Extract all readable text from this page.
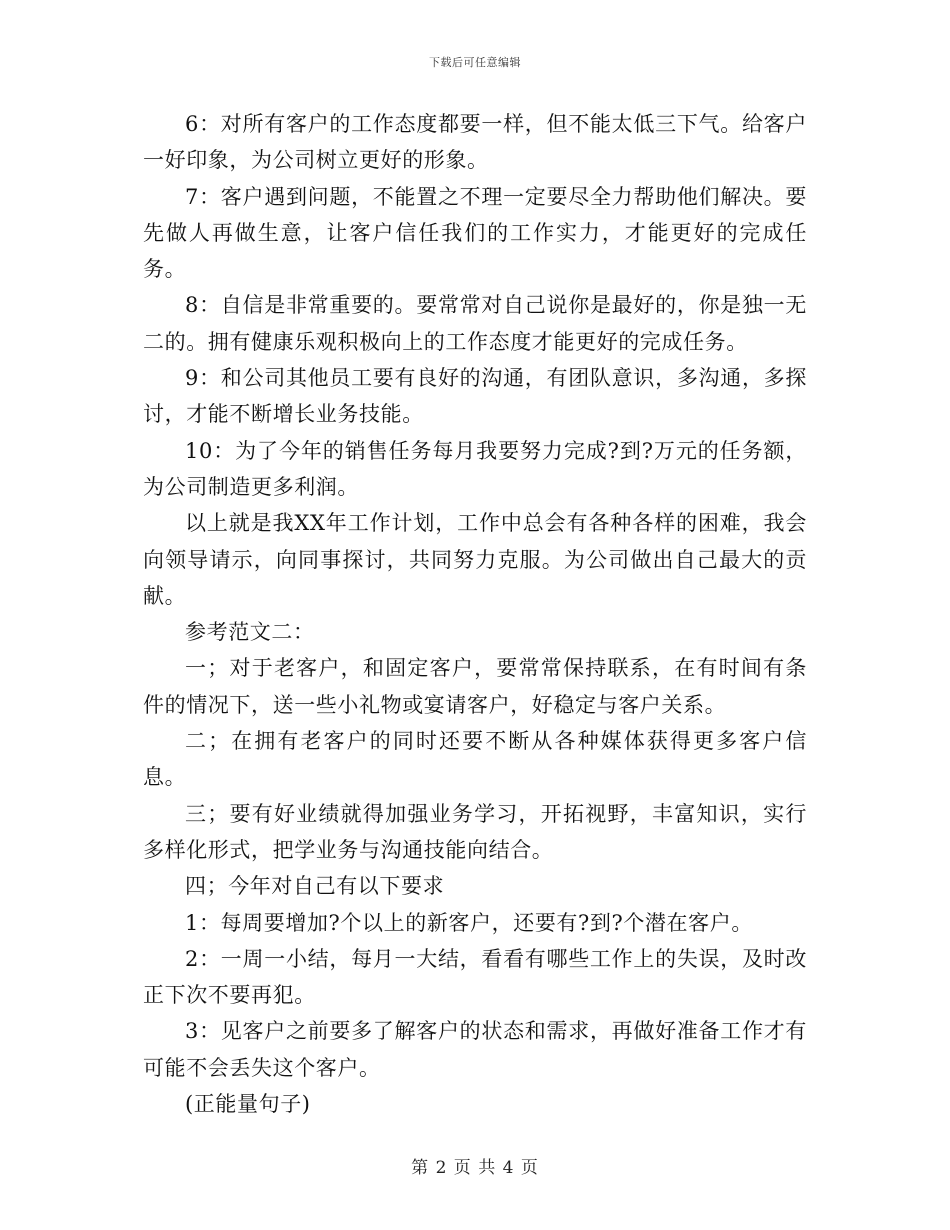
下载后可任意编辑

6：对所有客户的工作态度都要一样，但不能太低三下气。给客户一好印象，为公司树立更好的形象。

7：客户遇到问题，不能置之不理一定要尽全力帮助他们解决。要先做人再做生意，让客户信任我们的工作实力，才能更好的完成任务。

8：自信是非常重要的。要常常对自己说你是最好的，你是独一无二的。拥有健康乐观积极向上的工作态度才能更好的完成任务。

9：和公司其他员工要有良好的沟通，有团队意识，多沟通，多探讨，才能不断增长业务技能。

10：为了今年的销售任务每月我要努力完成?到?万元的任务额，为公司制造更多利润。

以上就是我XX年工作计划，工作中总会有各种各样的困难，我会向领导请示，向同事探讨，共同努力克服。为公司做出自己最大的贡献。

参考范文二：

一；对于老客户，和固定客户，要常常保持联系，在有时间有条件的情况下，送一些小礼物或宴请客户，好稳定与客户关系。

二；在拥有老客户的同时还要不断从各种媒体获得更多客户信息。

三；要有好业绩就得加强业务学习，开拓视野，丰富知识，实行多样化形式，把学业务与沟通技能向结合。

四；今年对自己有以下要求

1：每周要增加?个以上的新客户，还要有?到?个潜在客户。

2：一周一小结，每月一大结，看看有哪些工作上的失误，及时改正下次不要再犯。

3：见客户之前要多了解客户的状态和需求，再做好准备工作才有可能不会丢失这个客户。

(正能量句子)

第 2 页 共 4 页
